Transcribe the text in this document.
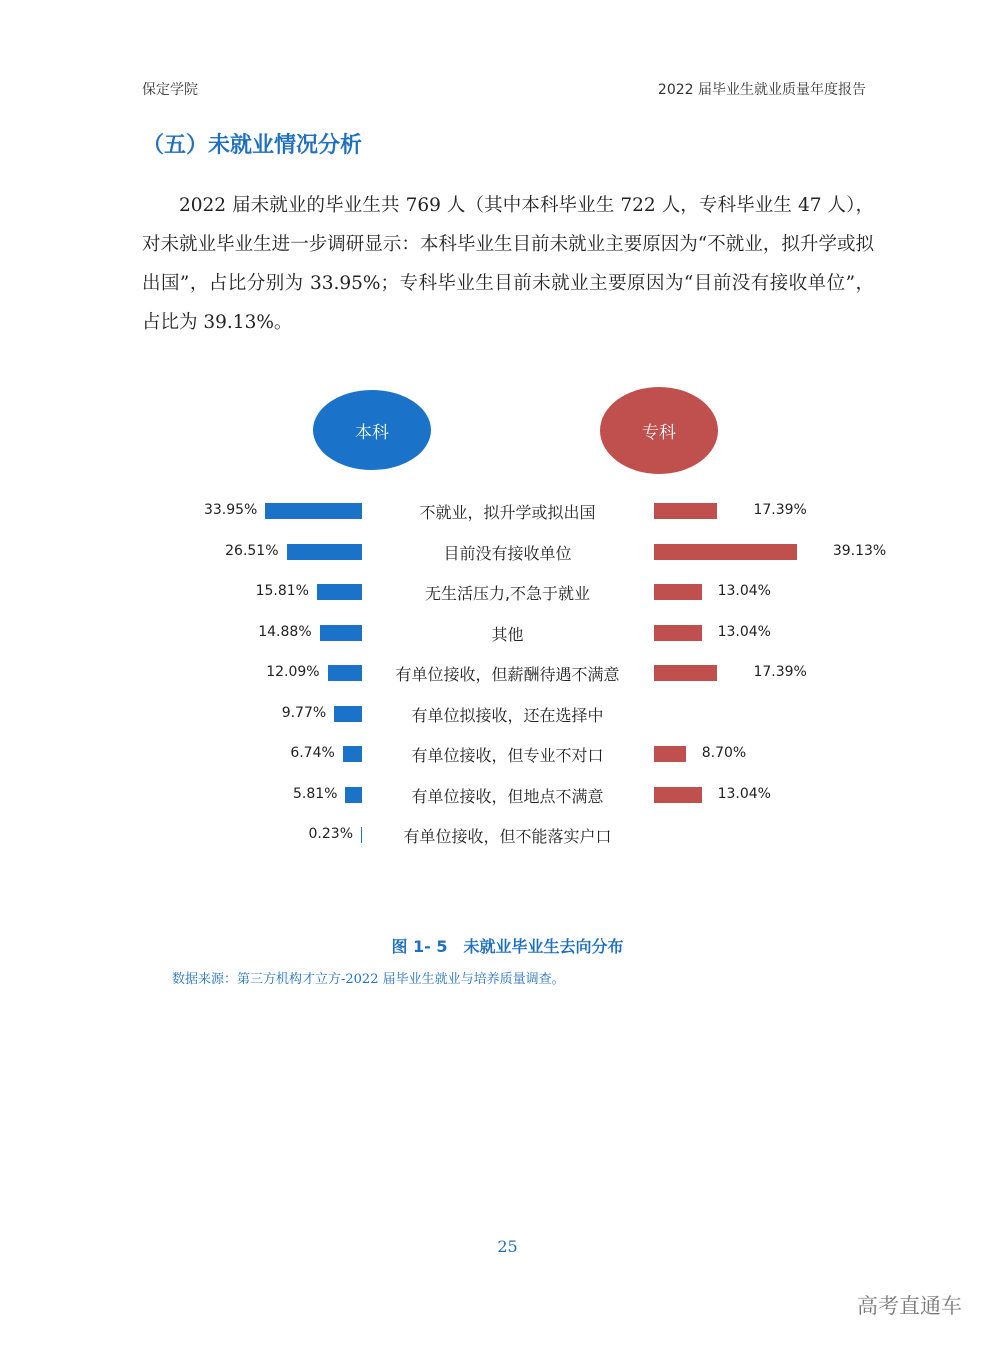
保定学院	2022 届毕业生就业质量年度报告
（五）未就业情况分析
2022 届未就业的毕业生共 769 人（其中本科毕业生 722 人，专科毕业生 47 人），对未就业毕业生进一步调研显示：本科毕业生目前未就业主要原因为“不就业，拟升学或拟出国”，占比分别为 33.95%；专科毕业生目前未就业主要原因为“目前没有接收单位”，占比为 39.13%。
本科	专科
不就业，拟升学或拟出国
33.95%	17.39%
目前没有接收单位
26.51%	39.13%
无生活压力,不急于就业
15.81%	13.04%
其他
14.88%	13.04%
有单位接收，但薪酬待遇不满意
12.09%	17.39%
有单位拟接收，还在选择中
9.77%
有单位接收，但专业不对口
6.74%	8.70%
有单位接收，但地点不满意
5.81%	13.04%
有单位接收，但不能落实户口
0.23%
图 1- 5　未就业毕业生去向分布
数据来源：第三方机构才立方-2022 届毕业生就业与培养质量调查。
25
高考直通车
